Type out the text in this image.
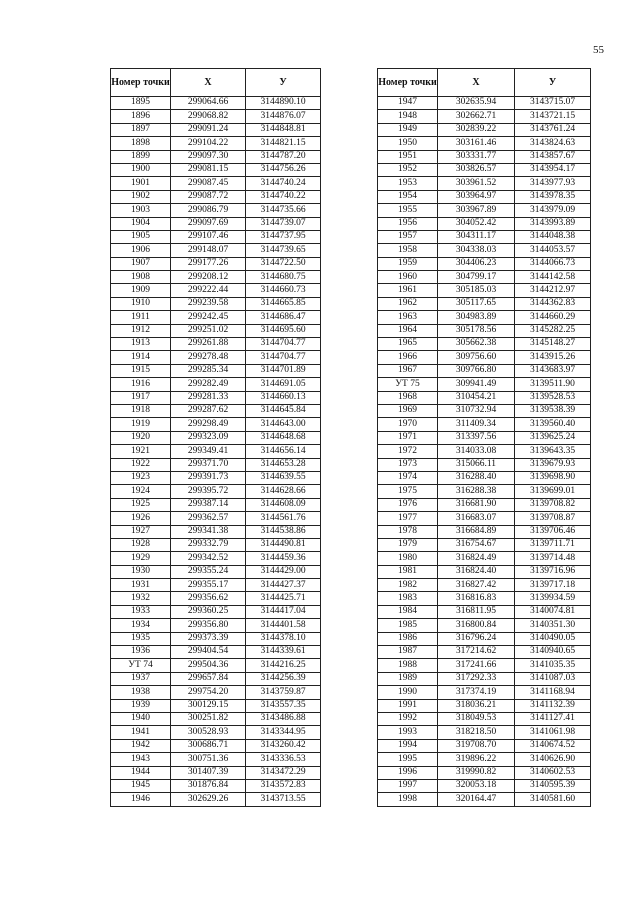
55
Номер точки	X	У
1895	299064.66	3144890.10
1896	299068.82	3144876.07
1897	299091.24	3144848.81
1898	299104.22	3144821.15
1899	299097.30	3144787.20
1900	299081.15	3144756.26
1901	299087.45	3144740.24
1902	299087.72	3144740.22
1903	299086.79	3144735.66
1904	299097.69	3144739.07
1905	299107.46	3144737.95
1906	299148.07	3144739.65
1907	299177.26	3144722.50
1908	299208.12	3144680.75
1909	299222.44	3144660.73
1910	299239.58	3144665.85
1911	299242.45	3144686.47
1912	299251.02	3144695.60
1913	299261.88	3144704.77
1914	299278.48	3144704.77
1915	299285.34	3144701.89
1916	299282.49	3144691.05
1917	299281.33	3144660.13
1918	299287.62	3144645.84
1919	299298.49	3144643.00
1920	299323.09	3144648.68
1921	299349.41	3144656.14
1922	299371.70	3144653.28
1923	299391.73	3144639.55
1924	299395.72	3144628.66
1925	299387.14	3144608.09
1926	299362.57	3144561.76
1927	299341.38	3144538.86
1928	299332.79	3144490.81
1929	299342.52	3144459.36
1930	299355.24	3144429.00
1931	299355.17	3144427.37
1932	299356.62	3144425.71
1933	299360.25	3144417.04
1934	299356.80	3144401.58
1935	299373.39	3144378.10
1936	299404.54	3144339.61
УТ 74	299504.36	3144216.25
1937	299657.84	3144256.39
1938	299754.20	3143759.87
1939	300129.15	3143557.35
1940	300251.82	3143486.88
1941	300528.93	3143344.95
1942	300686.71	3143260.42
1943	300751.36	3143336.53
1944	301407.39	3143472.29
1945	301876.84	3143572.83
1946	302629.26	3143713.55
Номер точки	X	У
1947	302635.94	3143715.07
1948	302662.71	3143721.15
1949	302839.22	3143761.24
1950	303161.46	3143824.63
1951	303331.77	3143857.67
1952	303826.57	3143954.17
1953	303961.52	3143977.93
1954	303964.97	3143978.35
1955	303967.89	3143979.09
1956	304052.42	3143993.89
1957	304311.17	3144048.38
1958	304338.03	3144053.57
1959	304406.23	3144066.73
1960	304799.17	3144142.58
1961	305185.03	3144212.97
1962	305117.65	3144362.83
1963	304983.89	3144660.29
1964	305178.56	3145282.25
1965	305662.38	3145148.27
1966	309756.60	3143915.26
1967	309766.80	3143683.97
УТ 75	309941.49	3139511.90
1968	310454.21	3139528.53
1969	310732.94	3139538.39
1970	311409.34	3139560.40
1971	313397.56	3139625.24
1972	314033.08	3139643.35
1973	315066.11	3139679.93
1974	316288.40	3139698.90
1975	316288.38	3139699.01
1976	316681.90	3139708.82
1977	316683.07	3139708.87
1978	316684.89	3139706.46
1979	316754.67	3139711.71
1980	316824.49	3139714.48
1981	316824.40	3139716.96
1982	316827.42	3139717.18
1983	316816.83	3139934.59
1984	316811.95	3140074.81
1985	316800.84	3140351.30
1986	316796.24	3140490.05
1987	317214.62	3140940.65
1988	317241.66	3141035.35
1989	317292.33	3141087.03
1990	317374.19	3141168.94
1991	318036.21	3141132.39
1992	318049.53	3141127.41
1993	318218.50	3141061.98
1994	319708.70	3140674.52
1995	319896.22	3140626.90
1996	319990.82	3140602.53
1997	320053.18	3140595.39
1998	320164.47	3140581.60
